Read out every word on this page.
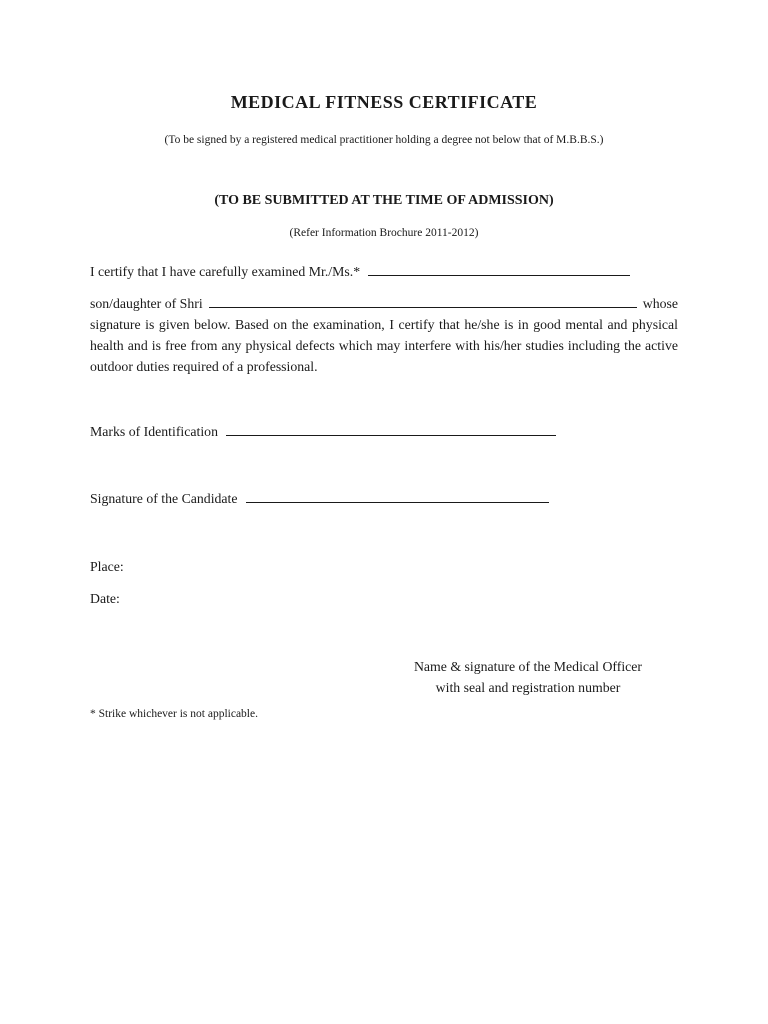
MEDICAL FITNESS CERTIFICATE
(To be signed by a registered medical practitioner holding a degree not below that of M.B.B.S.)
(TO BE SUBMITTED AT THE TIME OF ADMISSION)
(Refer Information Brochure 2011-2012)
I certify that I have carefully examined Mr./Ms.*
son/daughter of Shri	whose

signature is given below. Based on the examination, I certify that he/she is in good mental and physical health and is free from any physical defects which may interfere with his/her studies including the active outdoor duties required of a professional.

Marks of Identification
Signature of the Candidate
Place:
Date:
Name & signature of the Medical Officer
with seal and registration number
* Strike whichever is not applicable.
